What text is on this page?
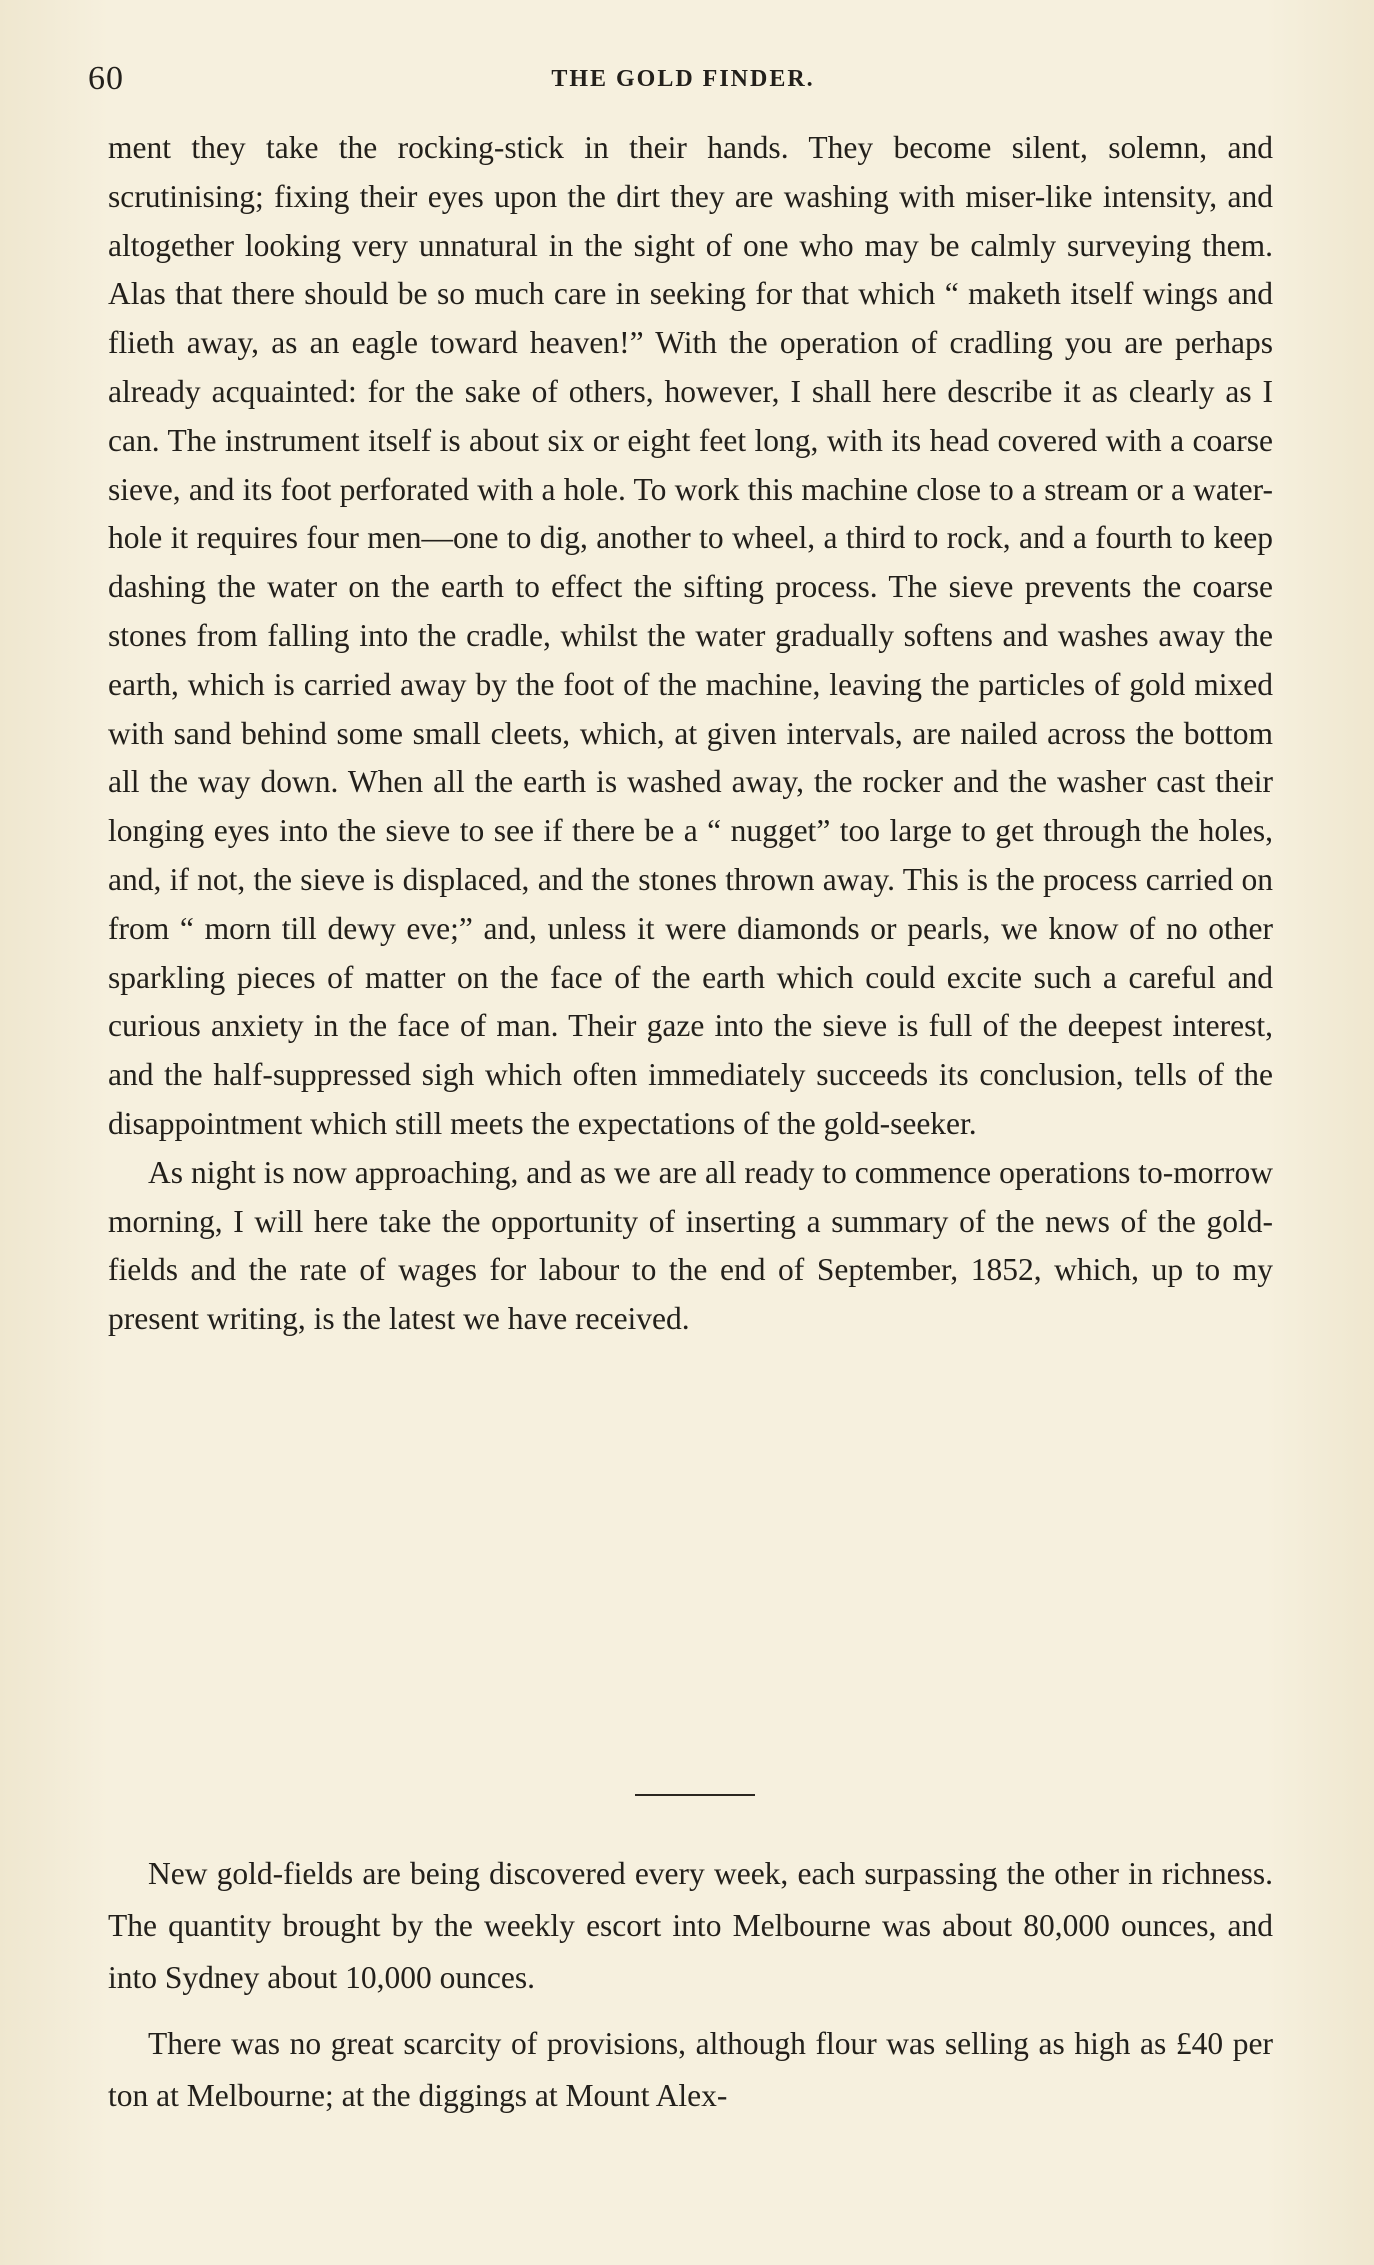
60	THE GOLD FINDER.

ment they take the rocking-stick in their hands. They become silent, solemn, and scrutinising; fixing their eyes upon the dirt they are washing with miser-like intensity, and altogether looking very unnatural in the sight of one who may be calmly surveying them. Alas that there should be so much care in seeking for that which “ maketh itself wings and flieth away, as an eagle toward heaven!” With the operation of cradling you are perhaps already acquainted: for the sake of others, however, I shall here describe it as clearly as I can. The instrument itself is about six or eight feet long, with its head covered with a coarse sieve, and its foot perforated with a hole. To work this machine close to a stream or a water-hole it requires four men—one to dig, another to wheel, a third to rock, and a fourth to keep dashing the water on the earth to effect the sifting process. The sieve prevents the coarse stones from falling into the cradle, whilst the water gradually softens and washes away the earth, which is carried away by the foot of the machine, leaving the particles of gold mixed with sand behind some small cleets, which, at given intervals, are nailed across the bottom all the way down. When all the earth is washed away, the rocker and the washer cast their longing eyes into the sieve to see if there be a “ nugget” too large to get through the holes, and, if not, the sieve is displaced, and the stones thrown away. This is the process carried on from “ morn till dewy eve;” and, unless it were diamonds or pearls, we know of no other sparkling pieces of matter on the face of the earth which could excite such a careful and curious anxiety in the face of man. Their gaze into the sieve is full of the deepest interest, and the half-suppressed sigh which often immediately succeeds its conclusion, tells of the disappointment which still meets the expectations of the gold-seeker.

As night is now approaching, and as we are all ready to commence operations to-morrow morning, I will here take the opportunity of inserting a summary of the news of the gold-fields and the rate of wages for labour to the end of September, 1852, which, up to my present writing, is the latest we have received.

New gold-fields are being discovered every week, each surpassing the other in richness. The quantity brought by the weekly escort into Melbourne was about 80,000 ounces, and into Sydney about 10,000 ounces.

There was no great scarcity of provisions, although flour was selling as high as £40 per ton at Melbourne; at the diggings at Mount Alex-
